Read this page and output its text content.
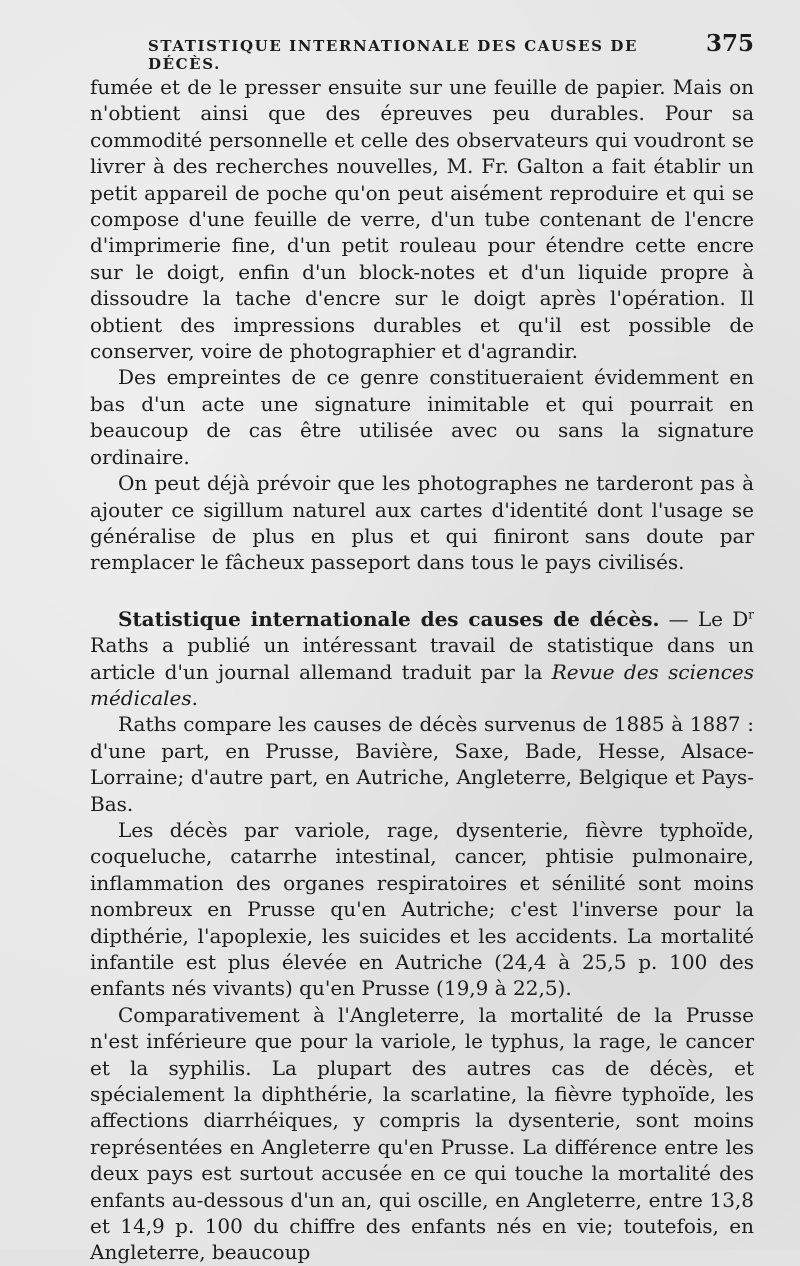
STATISTIQUE INTERNATIONALE DES CAUSES DE DÉCÈS.
375

fumée et de le presser ensuite sur une feuille de papier. Mais on n'obtient ainsi que des épreuves peu durables. Pour sa commodité personnelle et celle des observateurs qui voudront se livrer à des recherches nouvelles, M. Fr. Galton a fait établir un petit appareil de poche qu'on peut aisément reproduire et qui se compose d'une feuille de verre, d'un tube contenant de l'encre d'imprimerie fine, d'un petit rouleau pour étendre cette encre sur le doigt, enfin d'un block-notes et d'un liquide propre à dissoudre la tache d'encre sur le doigt après l'opération. Il obtient des impressions durables et qu'il est possible de conserver, voire de photographier et d'agrandir.

Des empreintes de ce genre constitueraient évidemment en bas d'un acte une signature inimitable et qui pourrait en beaucoup de cas être utilisée avec ou sans la signature ordinaire.

On peut déjà prévoir que les photographes ne tarderont pas à ajouter ce sigillum naturel aux cartes d'identité dont l'usage se généralise de plus en plus et qui finiront sans doute par remplacer le fâcheux passeport dans tous le pays civilisés.

Statistique internationale des causes de décès. — Le $D^r$ Raths a publié un intéressant travail de statistique dans un article d'un journal allemand traduit par la Revue des sciences médicales.

Raths compare les causes de décès survenus de 1885 à 1887 : d'une part, en Prusse, Bavière, Saxe, Bade, Hesse, Alsace-Lorraine; d'autre part, en Autriche, Angleterre, Belgique et Pays-Bas.

Les décès par variole, rage, dysenterie, fièvre typhoïde, coqueluche, catarrhe intestinal, cancer, phtisie pulmonaire, inflammation des organes respiratoires et sénilité sont moins nombreux en Prusse qu'en Autriche; c'est l'inverse pour la dipthérie, l'apoplexie, les suicides et les accidents. La mortalité infantile est plus élevée en Autriche (24,4 à 25,5 p. 100 des enfants nés vivants) qu'en Prusse (19,9 à 22,5).

Comparativement à l'Angleterre, la mortalité de la Prusse n'est inférieure que pour la variole, le typhus, la rage, le cancer et la syphilis. La plupart des autres cas de décès, et spécialement la diphthérie, la scarlatine, la fièvre typhoïde, les affections diarrhéiques, y compris la dysenterie, sont moins représentées en Angleterre qu'en Prusse. La différence entre les deux pays est surtout accusée en ce qui touche la mortalité des enfants au-dessous d'un an, qui oscille, en Angleterre, entre 13,8 et 14,9 p. 100 du chiffre des enfants nés en vie; toutefois, en Angleterre, beaucoup
